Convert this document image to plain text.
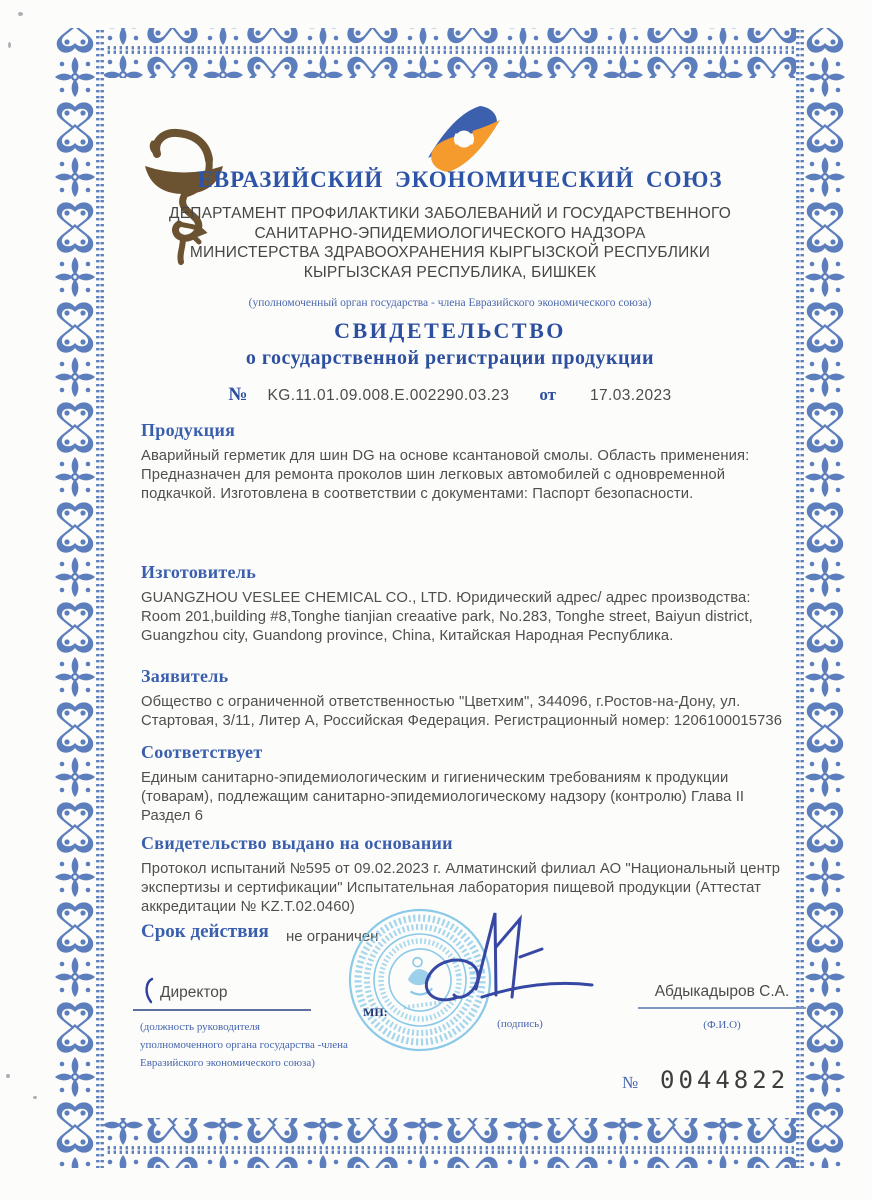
ЕВРАЗИЙСКИЙ ЭКОНОМИЧЕСКИЙ СОЮЗ
ДЕПАРТАМЕНТ ПРОФИЛАКТИКИ ЗАБОЛЕВАНИЙ И ГОСУДАРСТВЕННОГО
САНИТАРНО-ЭПИДЕМИОЛОГИЧЕСКОГО НАДЗОРА
МИНИСТЕРСТВА ЗДРАВООХРАНЕНИЯ КЫРГЫЗСКОЙ РЕСПУБЛИКИ
КЫРГЫЗСКАЯ РЕСПУБЛИКА, БИШКЕК
(уполномоченный орган государства - члена Евразийского экономического союза)
СВИДЕТЕЛЬСТВО
о государственной регистрации продукции
№ KG.11.01.09.008.E.002290.03.23 от 17.03.2023
Продукция

Аварийный герметик для шин DG на основе ксантановой смолы. Область применения: Предназначен для ремонта проколов шин легковых автомобилей с одновременной подкачкой. Изготовлена в соответствии с документами: Паспорт безопасности.

Изготовитель

GUANGZHOU VESLEE CHEMICAL CO., LTD. Юридический адрес/ адрес производства: Room 201,building #8,Tonghe tianjian creaative park, No.283, Tonghe street, Baiyun district, Guangzhou city, Guandong province, China, Китайская Народная Республика.

Заявитель

Общество с ограниченной ответственностью "Цветхим", 344096, г.Ростов-на-Дону, ул. Стартовая, 3/11, Литер А, Российская Федерация. Регистрационный номер: 1206100015736

Соответствует

Единым санитарно-эпидемиологическим и гигиеническим требованиям к продукции (товарам), подлежащим санитарно-эпидемиологическому надзору (контролю) Глава II Раздел 6

Свидетельство выдано на основании

Протокол испытаний №595 от 09.02.2023 г. Алматинский филиал АО "Национальный центр экспертизы и сертификации" Испытательная лаборатория пищевой продукции (Аттестат аккредитации № KZ.T.02.0460)

Срок действия не ограничен
МП:
(подпись)
Директор
(должность руководителя
уполномоченного органа государства -члена
Евразийского экономического союза)
Абдыкадыров С.А.
(Ф.И.О)
№ 0044822
